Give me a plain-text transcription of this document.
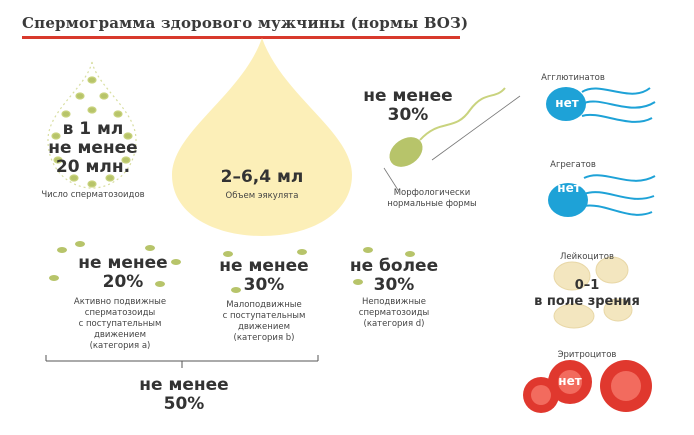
Спермограмма здорового мужчины (нормы ВОЗ)
в 1 мл
не менее
20 млн.
Число сперматозоидов
2–6,4 мл
Объем эякулята
не менее
30%
Морфологически
нормальные формы
Агглютинатов
нет
Агрегатов
нет
Лейкоцитов
0–1
в поле зрения
Эритроцитов
нет
не менее
20%
Активно подвижные
сперматозоиды
с поступательным
движением
(категория a)
не менее
30%
Малоподвижные
с поступательным
движением
(категория b)
не более
30%
Неподвижные
сперматозоиды
(категория d)
не менее
50%
